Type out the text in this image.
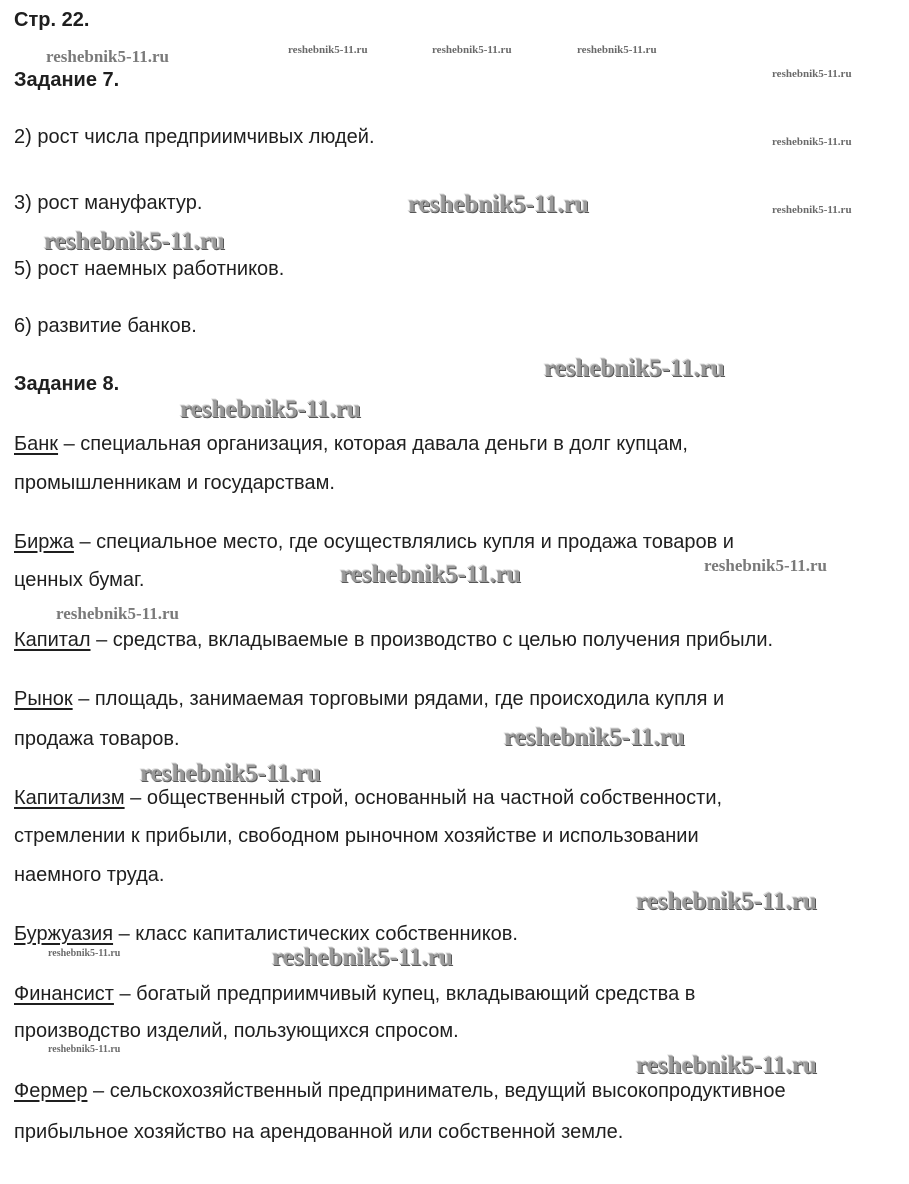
Стр. 22.
Задание 7.
2) рост числа предприимчивых людей.
3) рост мануфактур.
5) рост наемных работников.
6) развитие банков.
Задание 8.
Банк – специальная организация, которая давала деньги в долг купцам,
промышленникам и государствам.
Биржа – специальное место, где осуществлялись купля и продажа товаров и
ценных бумаг.
Капитал – средства, вкладываемые в производство с целью получения прибыли.
Рынок – площадь, занимаемая торговыми рядами, где происходила купля и
продажа товаров.
Капитализм – общественный строй, основанный на частной собственности,
стремлении к прибыли, свободном рыночном хозяйстве и использовании
наемного труда.
Буржуазия – класс капиталистических собственников.
Финансист – богатый предприимчивый купец, вкладывающий средства в
производство изделий, пользующихся спросом.
Фермер – сельскохозяйственный предприниматель, ведущий высокопродуктивное
прибыльное хозяйство на арендованной или собственной земле.
reshebnik5-11.ru	reshebnik5-11.ru	reshebnik5-11.ru	reshebnik5-11.ru
reshebnik5-11.ru
reshebnik5-11.ru
reshebnik5-11.ru
reshebnik5-11.ru
reshebnik5-11.ru
reshebnik5-11.ru
reshebnik5-11.ru
reshebnik5-11.ru	reshebnik5-11.ru
reshebnik5-11.ru
reshebnik5-11.ru
reshebnik5-11.ru
reshebnik5-11.ru
reshebnik5-11.ru	reshebnik5-11.ru
reshebnik5-11.ru
reshebnik5-11.ru
